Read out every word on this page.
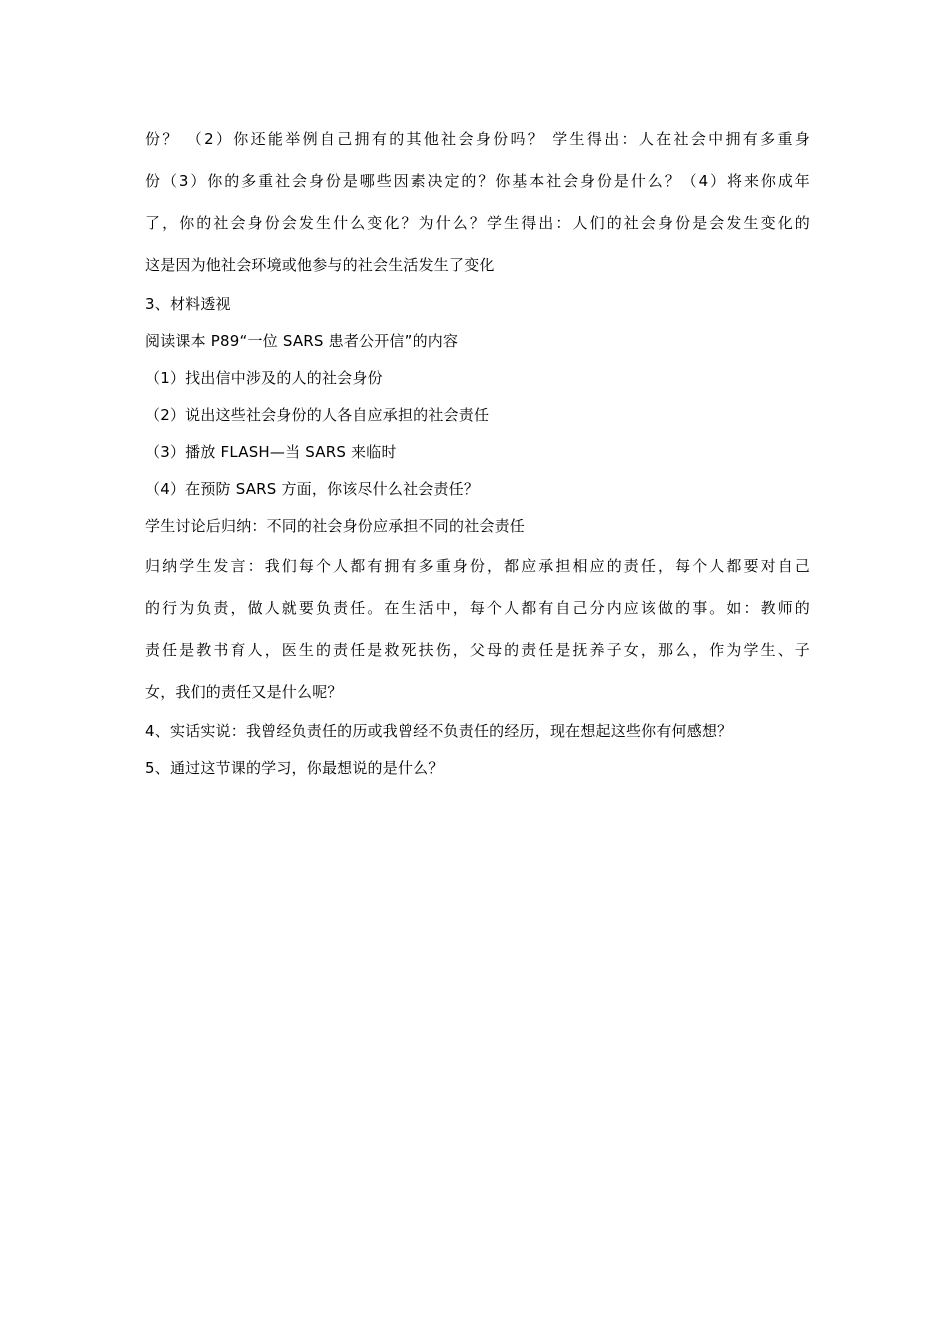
份？ （2）你还能举例自己拥有的其他社会身份吗？ 学生得出：人在社会中拥有多重身
份（3）你的多重社会身份是哪些因素决定的？你基本社会身份是什么？（4）将来你成年
了，你的社会身份会发生什么变化？为什么？学生得出：人们的社会身份是会发生变化的
这是因为他社会环境或他参与的社会生活发生了变化
3、材料透视
阅读课本 P89“一位 SARS 患者公开信”的内容
（1）找出信中涉及的人的社会身份
（2）说出这些社会身份的人各自应承担的社会责任
（3）播放 FLASH—当 SARS 来临时
（4）在预防 SARS 方面，你该尽什么社会责任？
学生讨论后归纳：不同的社会身份应承担不同的社会责任
归纳学生发言：我们每个人都有拥有多重身份，都应承担相应的责任，每个人都要对自己
的行为负责，做人就要负责任。在生活中，每个人都有自己分内应该做的事。如：教师的
责任是教书育人，医生的责任是救死扶伤，父母的责任是抚养子女，那么，作为学生、子
女，我们的责任又是什么呢？
4、实话实说：我曾经负责任的历或我曾经不负责任的经历，现在想起这些你有何感想？
5、通过这节课的学习，你最想说的是什么？
